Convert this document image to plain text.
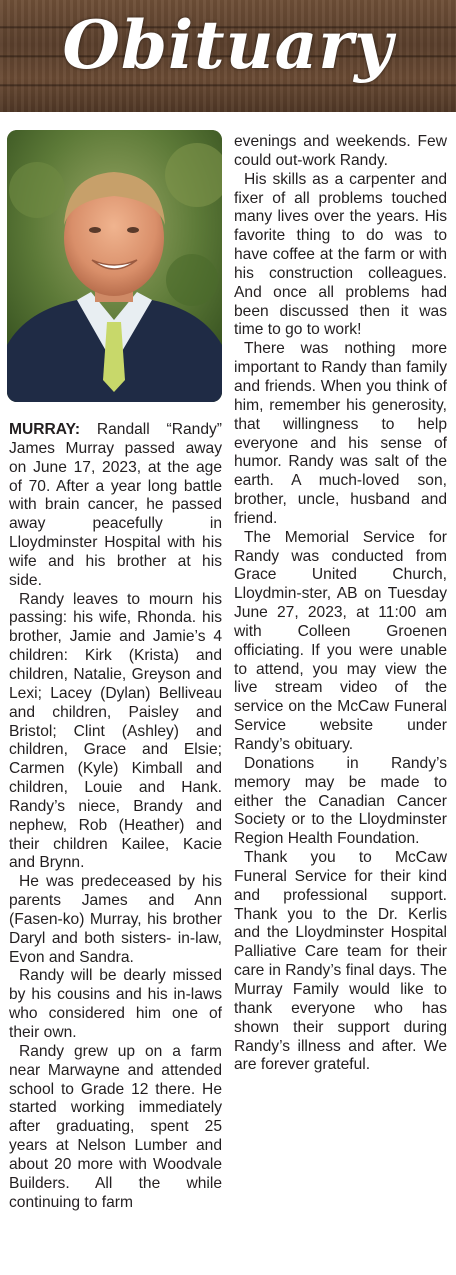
Obituary

MURRAY: Randall “Randy” James Murray passed away on June 17, 2023, at the age of 70. After a year long battle with brain cancer, he passed away peacefully in Lloydminster Hospital with his wife and his brother at his side.

Randy leaves to mourn his passing: his wife, Rhonda. his brother, Jamie and Jamie’s 4 children: Kirk (Krista) and children, Natalie, Greyson and Lexi; Lacey (Dylan) Belliveau and children, Paisley and Bristol; Clint (Ashley) and children, Grace and Elsie; Carmen (Kyle) Kimball and children, Louie and Hank. Randy’s niece, Brandy and nephew, Rob (Heather) and their children Kailee, Kacie and Brynn.

He was predeceased by his parents James and Ann (Fasen-ko) Murray, his brother Daryl and both sisters- in-law, Evon and Sandra.

Randy will be dearly missed by his cousins and his in-laws who considered him one of their own.

Randy grew up on a farm near Marwayne and attended school to Grade 12 there. He started working immediately after graduating, spent 25 years at Nelson Lumber and about 20 more with Woodvale Builders. All the while continuing to farm

evenings and weekends. Few could out-work Randy.

His skills as a carpenter and fixer of all problems touched many lives over the years. His favorite thing to do was to have coffee at the farm or with his construction colleagues. And once all problems had been discussed then it was time to go to work!

There was nothing more important to Randy than family and friends. When you think of him, remember his generosity, that willingness to help everyone and his sense of humor. Randy was salt of the earth. A much-loved son, brother, uncle, husband and friend.

The Memorial Service for Randy was conducted from Grace United Church, Lloydmin-ster, AB on Tuesday June 27, 2023, at 11:00 am with Colleen Groenen officiating. If you were unable to attend, you may view the live stream video of the service on the McCaw Funeral Service website under Randy’s obituary.

Donations in Randy’s memory may be made to either the Canadian Cancer Society or to the Lloydminster Region Health Foundation.

Thank you to McCaw Funeral Service for their kind and professional support. Thank you to the Dr. Kerlis and the Lloydminster Hospital Palliative Care team for their care in Randy’s final days. The Murray Family would like to thank everyone who has shown their support during Randy’s illness and after. We are forever grateful.
